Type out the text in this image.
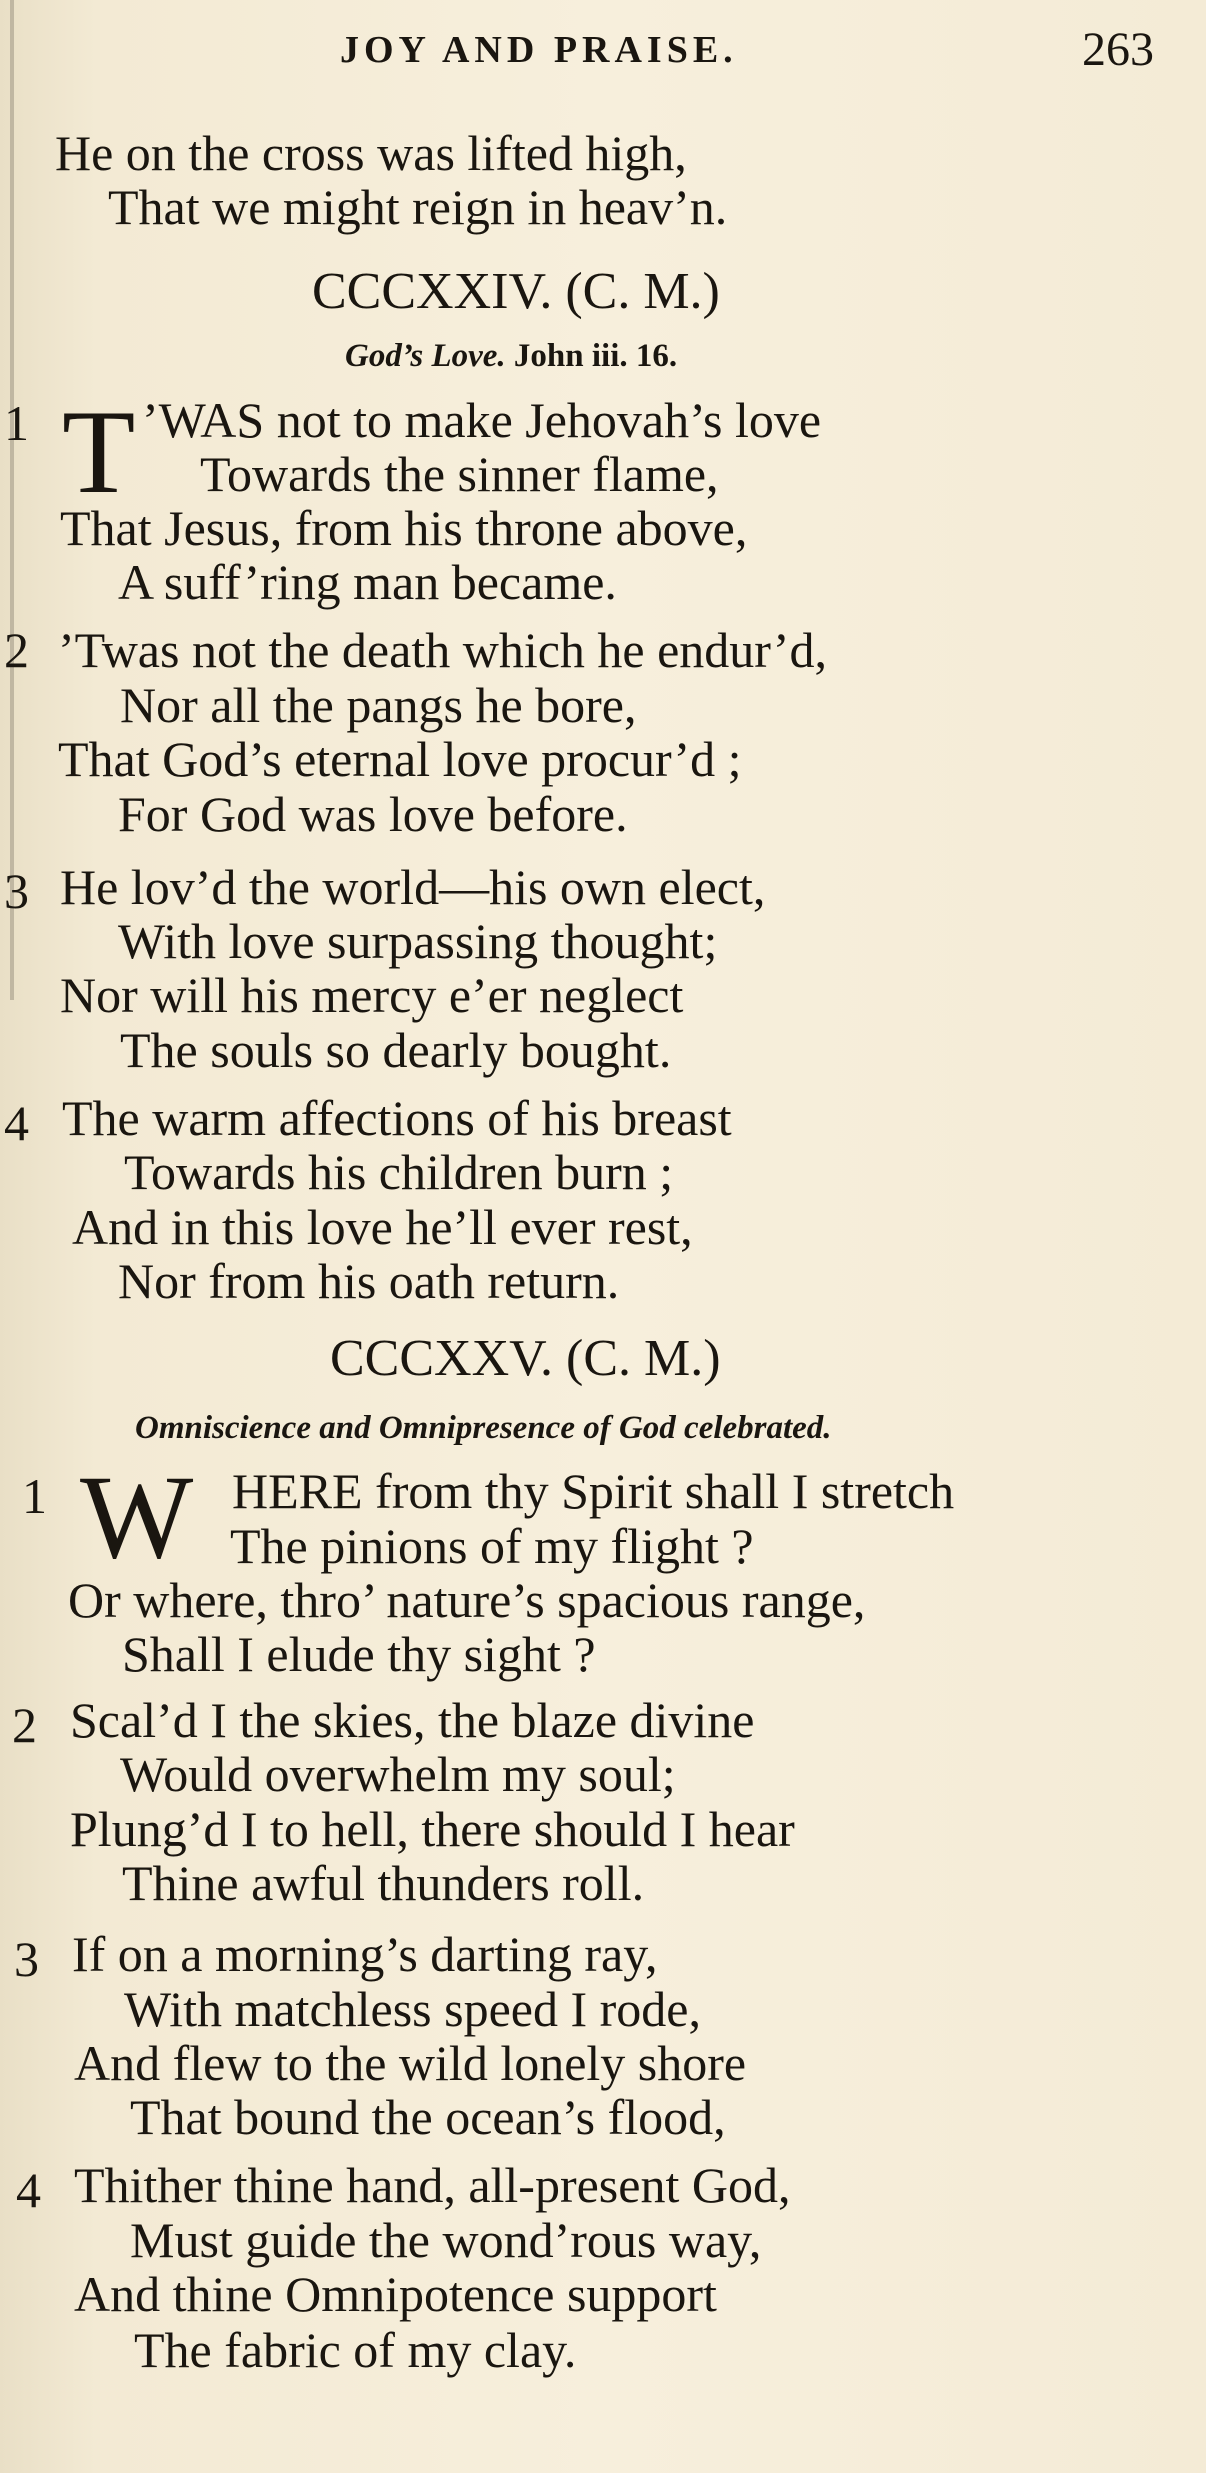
JOY AND PRAISE.	263
He on the cross was lifted high,
That we might reign in heav’n.
CCCXXIV. (C. M.)
God’s Love. John iii. 16.
1 T ’WAS not to make Jehovah’s love
Towards the sinner flame,
That Jesus, from his throne above,
A suff’ring man became.
2 ’Twas not the death which he endur’d,
Nor all the pangs he bore,
That God’s eternal love procur’d ;
For God was love before.
3 He lov’d the world—his own elect,
With love surpassing thought;
Nor will his mercy e’er neglect
The souls so dearly bought.
4 The warm affections of his breast
Towards his children burn ;
And in this love he’ll ever rest,
Nor from his oath return.
CCCXXV. (C. M.)
Omniscience and Omnipresence of God celebrated.
1 W HERE from thy Spirit shall I stretch
The pinions of my flight ?
Or where, thro’ nature’s spacious range,
Shall I elude thy sight ?
2 Scal’d I the skies, the blaze divine
Would overwhelm my soul;
Plung’d I to hell, there should I hear
Thine awful thunders roll.
3 If on a morning’s darting ray,
With matchless speed I rode,
And flew to the wild lonely shore
That bound the ocean’s flood,
4 Thither thine hand, all-present God,
Must guide the wond’rous way,
And thine Omnipotence support
The fabric of my clay.
